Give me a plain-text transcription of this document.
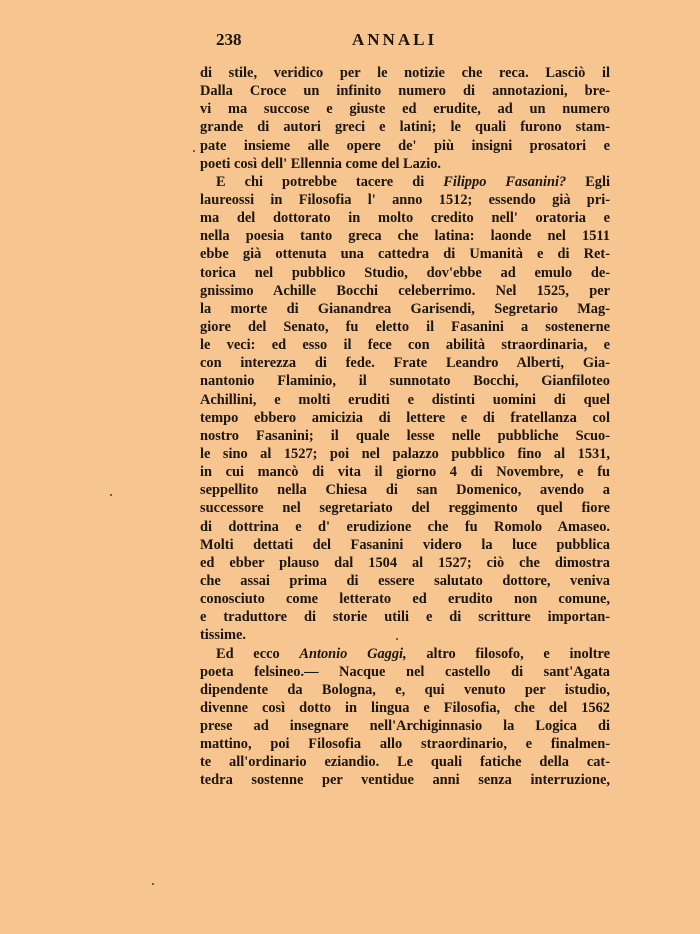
238	ANNALI
di stile, veridico per le notizie che reca. Lasciò il
Dalla Croce un infinito numero di annotazioni, bre-
vi ma succose e giuste ed erudite, ad un numero
grande di autori greci e latini; le quali furono stam-
pate insieme alle opere de' più insigni prosatori e
poeti così dell' Ellennia come del Lazio.
E chi potrebbe tacere di Filippo Fasanini? Egli
laureossi in Filosofia l' anno 1512; essendo già pri-
ma del dottorato in molto credito nell' oratoria e
nella poesia tanto greca che latina: laonde nel 1511
ebbe già ottenuta una cattedra di Umanità e di Ret-
torica nel pubblico Studio, dov'ebbe ad emulo de-
gnissimo Achille Bocchi celeberrimo. Nel 1525, per
la morte di Gianandrea Garisendi, Segretario Mag-
giore del Senato, fu eletto il Fasanini a sostenerne
le veci: ed esso il fece con abilità straordinaria, e
con interezza di fede. Frate Leandro Alberti, Gia-
nantonio Flaminio, il sunnotato Bocchi, Gianfiloteo
Achillini, e molti eruditi e distinti uomini di quel
tempo ebbero amicizia di lettere e di fratellanza col
nostro Fasanini; il quale lesse nelle pubbliche Scuo-
le sino al 1527; poi nel palazzo pubblico fino al 1531,
in cui mancò di vita il giorno 4 di Novembre, e fu
seppellito nella Chiesa di san Domenico, avendo a
successore nel segretariato del reggimento quel fiore
di dottrina e d' erudizione che fu Romolo Amaseo.
Molti dettati del Fasanini videro la luce pubblica
ed ebber plauso dal 1504 al 1527; ciò che dimostra
che assai prima di essere salutato dottore, veniva
conosciuto come letterato ed erudito non comune,
e traduttore di storie utili e di scritture importan-
tissime.
Ed ecco Antonio Gaggi, altro filosofo, e inoltre
poeta felsineo.— Nacque nel castello di sant'Agata
dipendente da Bologna, e, qui venuto per istudio,
divenne così dotto in lingua e Filosofia, che del 1562
prese ad insegnare nell'Archiginnasio la Logica di
mattino, poi Filosofia allo straordinario, e finalmen-
te all'ordinario eziandio. Le quali fatiche della cat-
tedra sostenne per ventidue anni senza interruzione,
